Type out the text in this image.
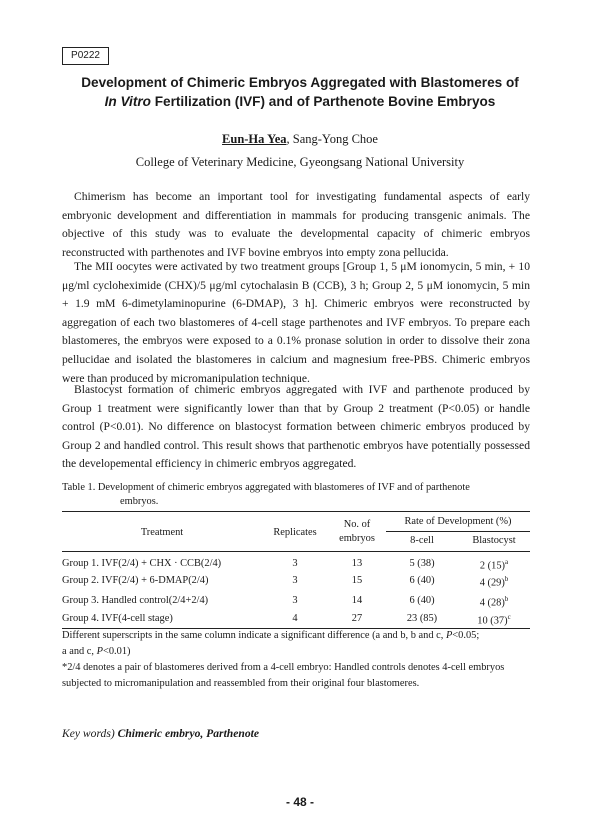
P0222
Development of Chimeric Embryos Aggregated with Blastomeres of
In Vitro Fertilization (IVF) and of Parthenote Bovine Embryos
Eun-Ha Yea, Sang-Yong Choe
College of Veterinary Medicine, Gyeongsang National University
Chimerism has become an important tool for investigating fundamental aspects of early embryonic development and differentiation in mammals for producing transgenic animals. The objective of this study was to evaluate the developmental capacity of chimeric embryos reconstructed with parthenotes and IVF bovine embryos into empty zona pellucida.
The MII oocytes were activated by two treatment groups [Group 1, 5 μM ionomycin, 5 min, + 10 μg/ml cycloheximide (CHX)/5 μg/ml cytochalasin B (CCB), 3 h; Group 2, 5 μM ionomycin, 5 min + 1.9 mM 6-dimetylaminopurine (6-DMAP), 3 h]. Chimeric embryos were reconstructed by aggregation of each two blastomeres of 4-cell stage parthenotes and IVF embryos. To prepare each blastomeres, the embryos were exposed to a 0.1% pronase solution in order to dissolve their zona pellucidae and isolated the blastomeres in calcium and magnesium free-PBS. Chimeric embryos were than produced by micromanipulation technique.
Blastocyst formation of chimeric embryos aggregated with IVF and parthenote produced by Group 1 treatment were significantly lower than that by Group 2 treatment (P<0.05) or handle control (P<0.01). No difference on blastocyst formation between chimeric embryos produced by Group 2 and handled control. This result shows that parthenotic embryos have potentially possessed the developemental efficiency in chimeric embryos aggregated.
Table 1. Development of chimeric embryos aggregated with blastomeres of IVF and of parthenote
embryos.
Treatment	Replicates
No. of
embryos
Rate of Development (%)
8-cell	Blastocyst
Group 1. IVF(2/4) + CHX · CCB(2/4)	3	13	5 (38)	2 $(15)^a$
Group 2. IVF(2/4) + 6-DMAP(2/4)	3	15	6 (40)	4 $(29)^b$
Group 3. Handled control(2/4+2/4)	3	14	6 (40)	4 $(28)^b$
Group 4. IVF(4-cell stage)	4	27	23 (85)	10 $(37)^c$
Different superscripts in the same column indicate a significant difference (a and b, b and c, P<0.05;
a and c, P<0.01)
*2/4 denotes a pair of blastomeres derived from a 4-cell embryo: Handled controls denotes 4-cell embryos subjected to micromanipulation and reassembled from their original four blastomeres.
Key words) Chimeric embryo, Parthenote
- 48 -
